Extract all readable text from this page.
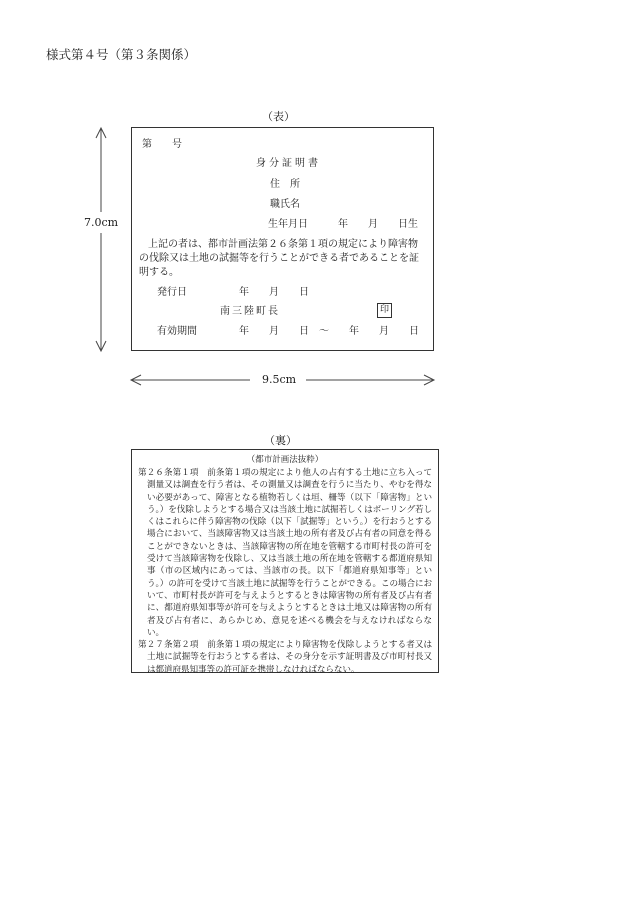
様式第４号（第３条関係）
（表）
第　　号
身分証明書
住　所
職氏名
生年月日　　　年　　月　　日生
上記の者は、都市計画法第２６条第１項の規定により障害物
の伐除又は土地の試掘等を行うことができる者であることを証
明する。
発行日	年　　月　　日
南三陸町長	印
有効期間	年　　月　　日　～　　年　　月　　日
7.0cm
9.5cm
（裏）
（都市計画法抜粋）
第２６条第１項　前条第１項の規定により他人の占有する土地に立ち入って測量又は調査を行う者は、その測量又は調査を行うに当たり、やむを得ない必要があって、障害となる植物若しくは垣、柵等（以下「障害物」という。）を伐除しようとする場合又は当該土地に試掘若しくはボーリング若しくはこれらに伴う障害物の伐除（以下「試掘等」という。）を行おうとする場合において、当該障害物又は当該土地の所有者及び占有者の同意を得ることができないときは、当該障害物の所在地を管轄する市町村長の許可を受けて当該障害物を伐除し、又は当該土地の所在地を管轄する都道府県知事（市の区域内にあっては、当該市の長。以下「都道府県知事等」という。）の許可を受けて当該土地に試掘等を行うことができる。この場合において、市町村長が許可を与えようとするときは障害物の所有者及び占有者に、都道府県知事等が許可を与えようとするときは土地又は障害物の所有者及び占有者に、あらかじめ、意見を述べる機会を与えなければならない。
第２７条第２項　前条第１項の規定により障害物を伐除しようとする者又は土地に試掘等を行おうとする者は、その身分を示す証明書及び市町村長又は都道府県知事等の許可証を携帯しなければならない。
